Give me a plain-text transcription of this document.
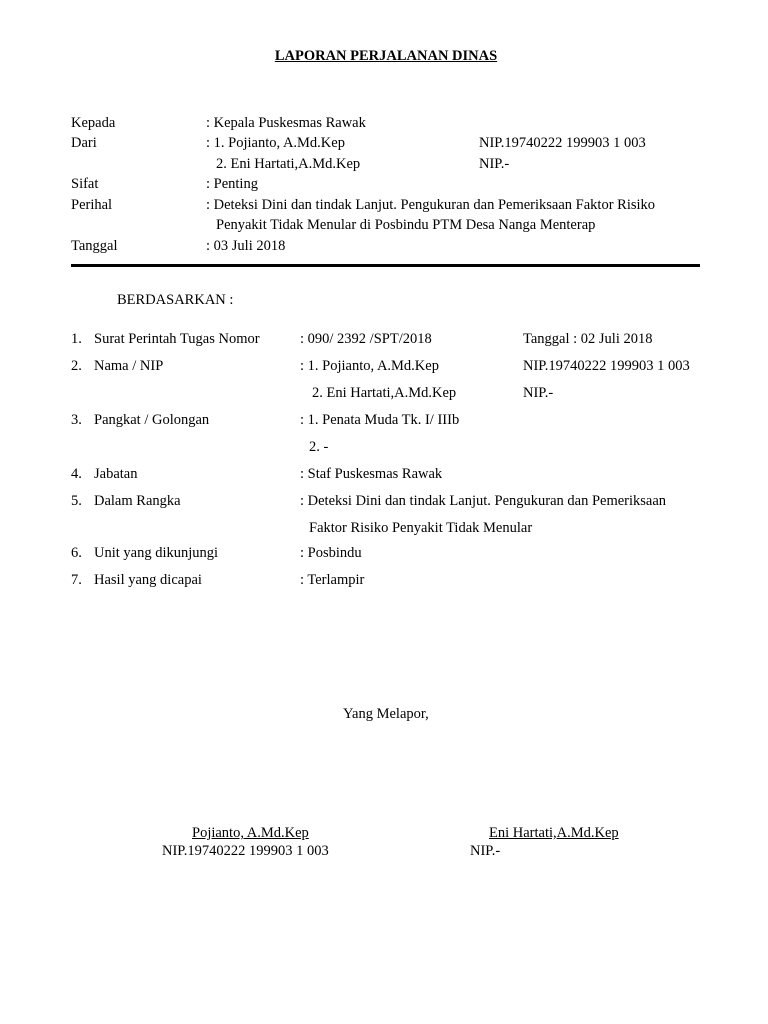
LAPORAN PERJALANAN DINAS
Kepada	: Kepala Puskesmas Rawak
Dari	: 1. Pojianto, A.Md.Kep	NIP.19740222 199903 1 003
2. Eni Hartati,A.Md.Kep	NIP.-
Sifat	: Penting
Perihal	: Deteksi Dini dan tindak Lanjut. Pengukuran dan Pemeriksaan Faktor Risiko
Penyakit Tidak Menular di Posbindu PTM Desa Nanga Menterap
Tanggal	: 03 Juli 2018
BERDASARKAN :
1. Surat Perintah Tugas Nomor	: 090/ 2392 /SPT/2018	Tanggal : 02 Juli 2018
2. Nama / NIP	: 1. Pojianto, A.Md.Kep	NIP.19740222 199903 1 003
2. Eni Hartati,A.Md.Kep	NIP.-
3. Pangkat / Golongan	: 1. Penata Muda Tk. I/ IIIb
2. -
4. Jabatan	: Staf Puskesmas Rawak
5. Dalam Rangka	: Deteksi Dini dan tindak Lanjut. Pengukuran dan Pemeriksaan
Faktor Risiko Penyakit Tidak Menular
6. Unit yang dikunjungi	: Posbindu
7. Hasil yang dicapai	: Terlampir
Yang Melapor,
Pojianto, A.Md.Kep
NIP.19740222 199903 1 003
Eni Hartati,A.Md.Kep
NIP.-
